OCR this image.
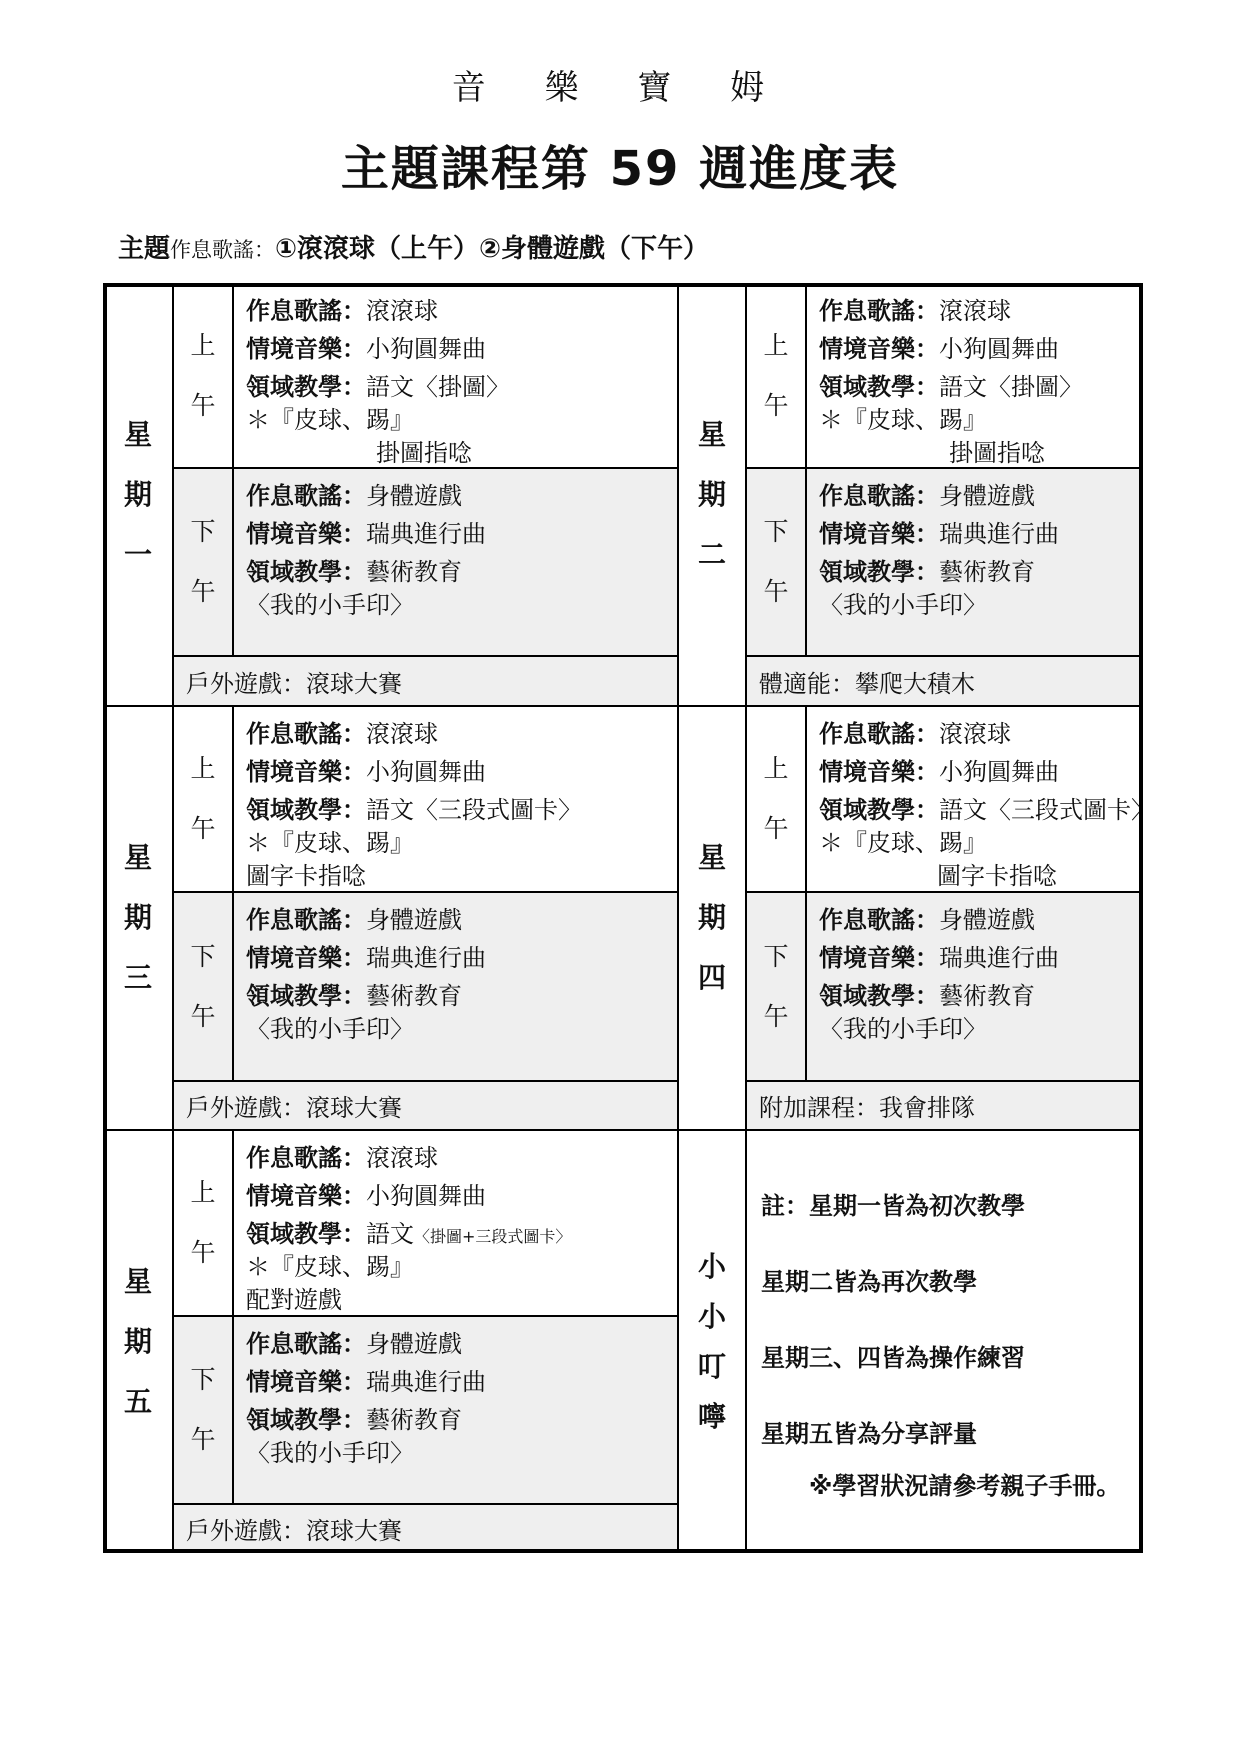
音 樂 寶 姆
主題課程第 59 週進度表
主題作息歌謠：①滾滾球（上午）②身體遊戲（下午）
星期一
上午
作息歌謠：滾滾球
情境音樂：小狗圓舞曲
領域教學：語文〈掛圖〉
＊『皮球、踢』
掛圖指唸
下午
作息歌謠：身體遊戲
情境音樂：瑞典進行曲
領域教學：藝術教育
〈我的小手印〉
戶外遊戲：滾球大賽
星期二
上午
作息歌謠：滾滾球
情境音樂：小狗圓舞曲
領域教學：語文〈掛圖〉
＊『皮球、踢』
掛圖指唸
下午
作息歌謠：身體遊戲
情境音樂：瑞典進行曲
領域教學：藝術教育
〈我的小手印〉
體適能：攀爬大積木
星期三
上午
作息歌謠：滾滾球
情境音樂：小狗圓舞曲
領域教學：語文〈三段式圖卡〉
＊『皮球、踢』
圖字卡指唸
下午
作息歌謠：身體遊戲
情境音樂：瑞典進行曲
領域教學：藝術教育
〈我的小手印〉
戶外遊戲：滾球大賽
星期四
上午
作息歌謠：滾滾球
情境音樂：小狗圓舞曲
領域教學：語文〈三段式圖卡〉
＊『皮球、踢』
圖字卡指唸
下午
作息歌謠：身體遊戲
情境音樂：瑞典進行曲
領域教學：藝術教育
〈我的小手印〉
附加課程：我會排隊
星期五
上午
作息歌謠：滾滾球
情境音樂：小狗圓舞曲
領域教學：語文〈掛圖+三段式圖卡〉
＊『皮球、踢』
配對遊戲
下午
作息歌謠：身體遊戲
情境音樂：瑞典進行曲
領域教學：藝術教育
〈我的小手印〉
戶外遊戲：滾球大賽
小小叮嚀
註：星期一皆為初次教學
星期二皆為再次教學
星期三、四皆為操作練習
星期五皆為分享評量
※學習狀況請參考親子手冊。
